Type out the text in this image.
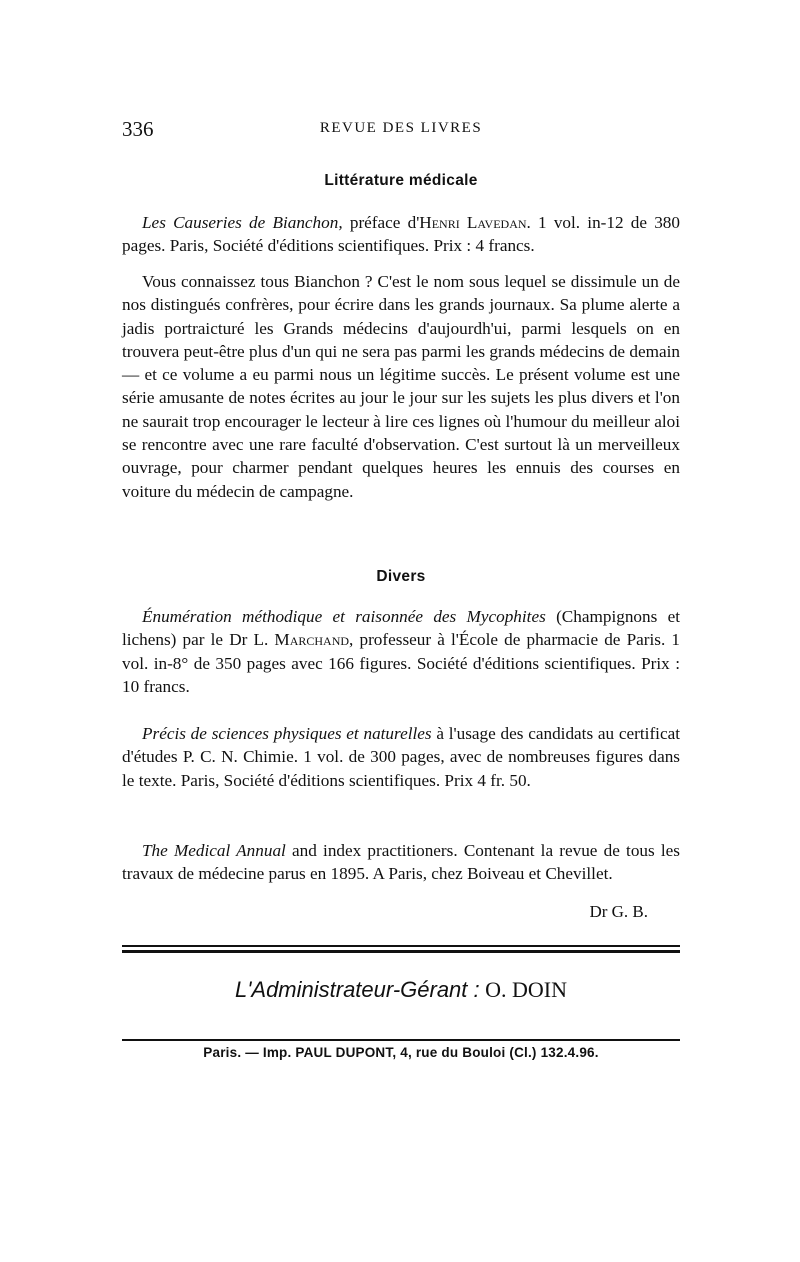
336	REVUE DES LIVRES
Littérature médicale

Les Causeries de Bianchon, préface d'Henri Lavedan. 1 vol. in-12 de 380 pages. Paris, Société d'éditions scientifiques. Prix : 4 francs.

Vous connaissez tous Bianchon ? C'est le nom sous lequel se dissimule un de nos distingués confrères, pour écrire dans les grands journaux. Sa plume alerte a jadis portraicturé les Grands médecins d'aujourdh'ui, parmi lesquels on en trouvera peut-être plus d'un qui ne sera pas parmi les grands médecins de demain — et ce volume a eu parmi nous un légitime succès. Le présent volume est une série amusante de notes écrites au jour le jour sur les sujets les plus divers et l'on ne saurait trop encourager le lecteur à lire ces lignes où l'humour du meilleur aloi se rencontre avec une rare faculté d'observation. C'est surtout là un merveilleux ouvrage, pour charmer pendant quelques heures les ennuis des courses en voiture du médecin de campagne.

Divers

Énumération méthodique et raisonnée des Mycophites (Champignons et lichens) par le Dr L. Marchand, professeur à l'École de pharmacie de Paris. 1 vol. in-8° de 350 pages avec 166 figures. Société d'éditions scientifiques. Prix : 10 francs.

Précis de sciences physiques et naturelles à l'usage des candidats au certificat d'études P. C. N. Chimie. 1 vol. de 300 pages, avec de nombreuses figures dans le texte. Paris, Société d'éditions scientifiques. Prix 4 fr. 50.

The Medical Annual and index practitioners. Contenant la revue de tous les travaux de médecine parus en 1895. A Paris, chez Boiveau et Chevillet.

Dr G. B.
L'Administrateur-Gérant : O. DOIN
Paris. — Imp. PAUL DUPONT, 4, rue du Bouloi (Cl.) 132.4.96.
